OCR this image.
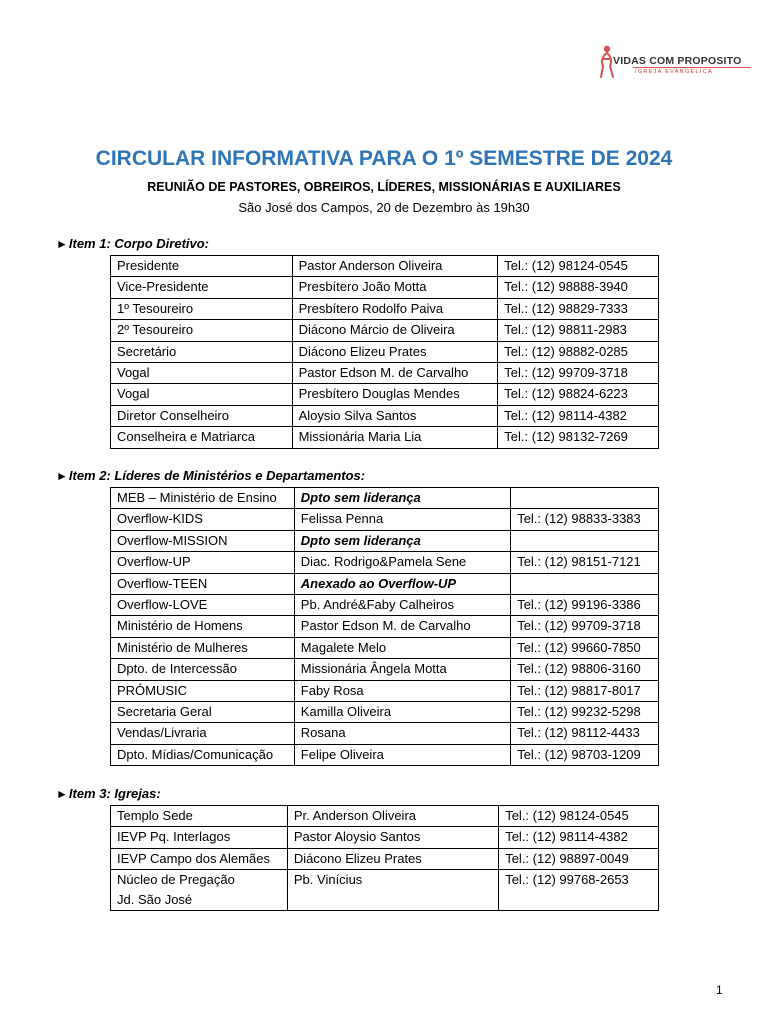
VIDAS COM PROPOSITO
IGREJA EVANGÉLICA
CIRCULAR INFORMATIVA PARA O 1º SEMESTRE DE 2024
REUNIÃO DE PASTORES, OBREIROS, LÍDERES, MISSIONÁRIAS E AUXILIARES
São José dos Campos, 20 de Dezembro às 19h30
►Item 1: Corpo Diretivo:
Presidente	Pastor Anderson Oliveira	Tel.: (12) 98124-0545
Vice-Presidente	Presbítero João Motta	Tel.: (12) 98888-3940
1º Tesoureiro	Presbítero Rodolfo Paiva	Tel.: (12) 98829-7333
2º Tesoureiro	Diácono Márcio de Oliveira	Tel.: (12) 98811-2983
Secretário	Diácono Elizeu Prates	Tel.: (12) 98882-0285
Vogal	Pastor Edson M. de Carvalho	Tel.: (12) 99709-3718
Vogal	Presbítero Douglas Mendes	Tel.: (12) 98824-6223
Diretor Conselheiro	Aloysio Silva Santos	Tel.: (12) 98114-4382
Conselheira e Matriarca	Missionária Maria Lia	Tel.: (12) 98132-7269
►Item 2: Líderes de Ministérios e Departamentos:
MEB – Ministério de Ensino	Dpto sem liderança	
Overflow-KIDS	Felissa Penna	Tel.: (12) 98833-3383
Overflow-MISSION	Dpto sem liderança	
Overflow-UP	Diac. Rodrigo&Pamela Sene	Tel.: (12) 98151-7121
Overflow-TEEN	Anexado ao Overflow-UP	
Overflow-LOVE	Pb. André&Faby Calheiros	Tel.: (12) 99196-3386
Ministério de Homens	Pastor Edson M. de Carvalho	Tel.: (12) 99709-3718
Ministério de Mulheres	Magalete Melo	Tel.: (12) 99660-7850
Dpto. de Intercessão	Missionária Ângela Motta	Tel.: (12) 98806-3160
PRÓMUSIC	Faby Rosa	Tel.: (12) 98817-8017
Secretaria Geral	Kamilla Oliveira	Tel.: (12) 99232-5298
Vendas/Livraria	Rosana	Tel.: (12) 98112-4433
Dpto. Mídias/Comunicação	Felipe Oliveira	Tel.: (12) 98703-1209
►Item 3: Igrejas:
Templo Sede	Pr. Anderson Oliveira	Tel.: (12) 98124-0545
IEVP Pq. Interlagos	Pastor Aloysio Santos	Tel.: (12) 98114-4382
IEVP Campo dos Alemães	Diácono Elizeu Prates	Tel.: (12) 98897-0049

Núcleo de Pregação
Jd. São José	Pb. Vinícius	Tel.: (12) 99768-2653
1
